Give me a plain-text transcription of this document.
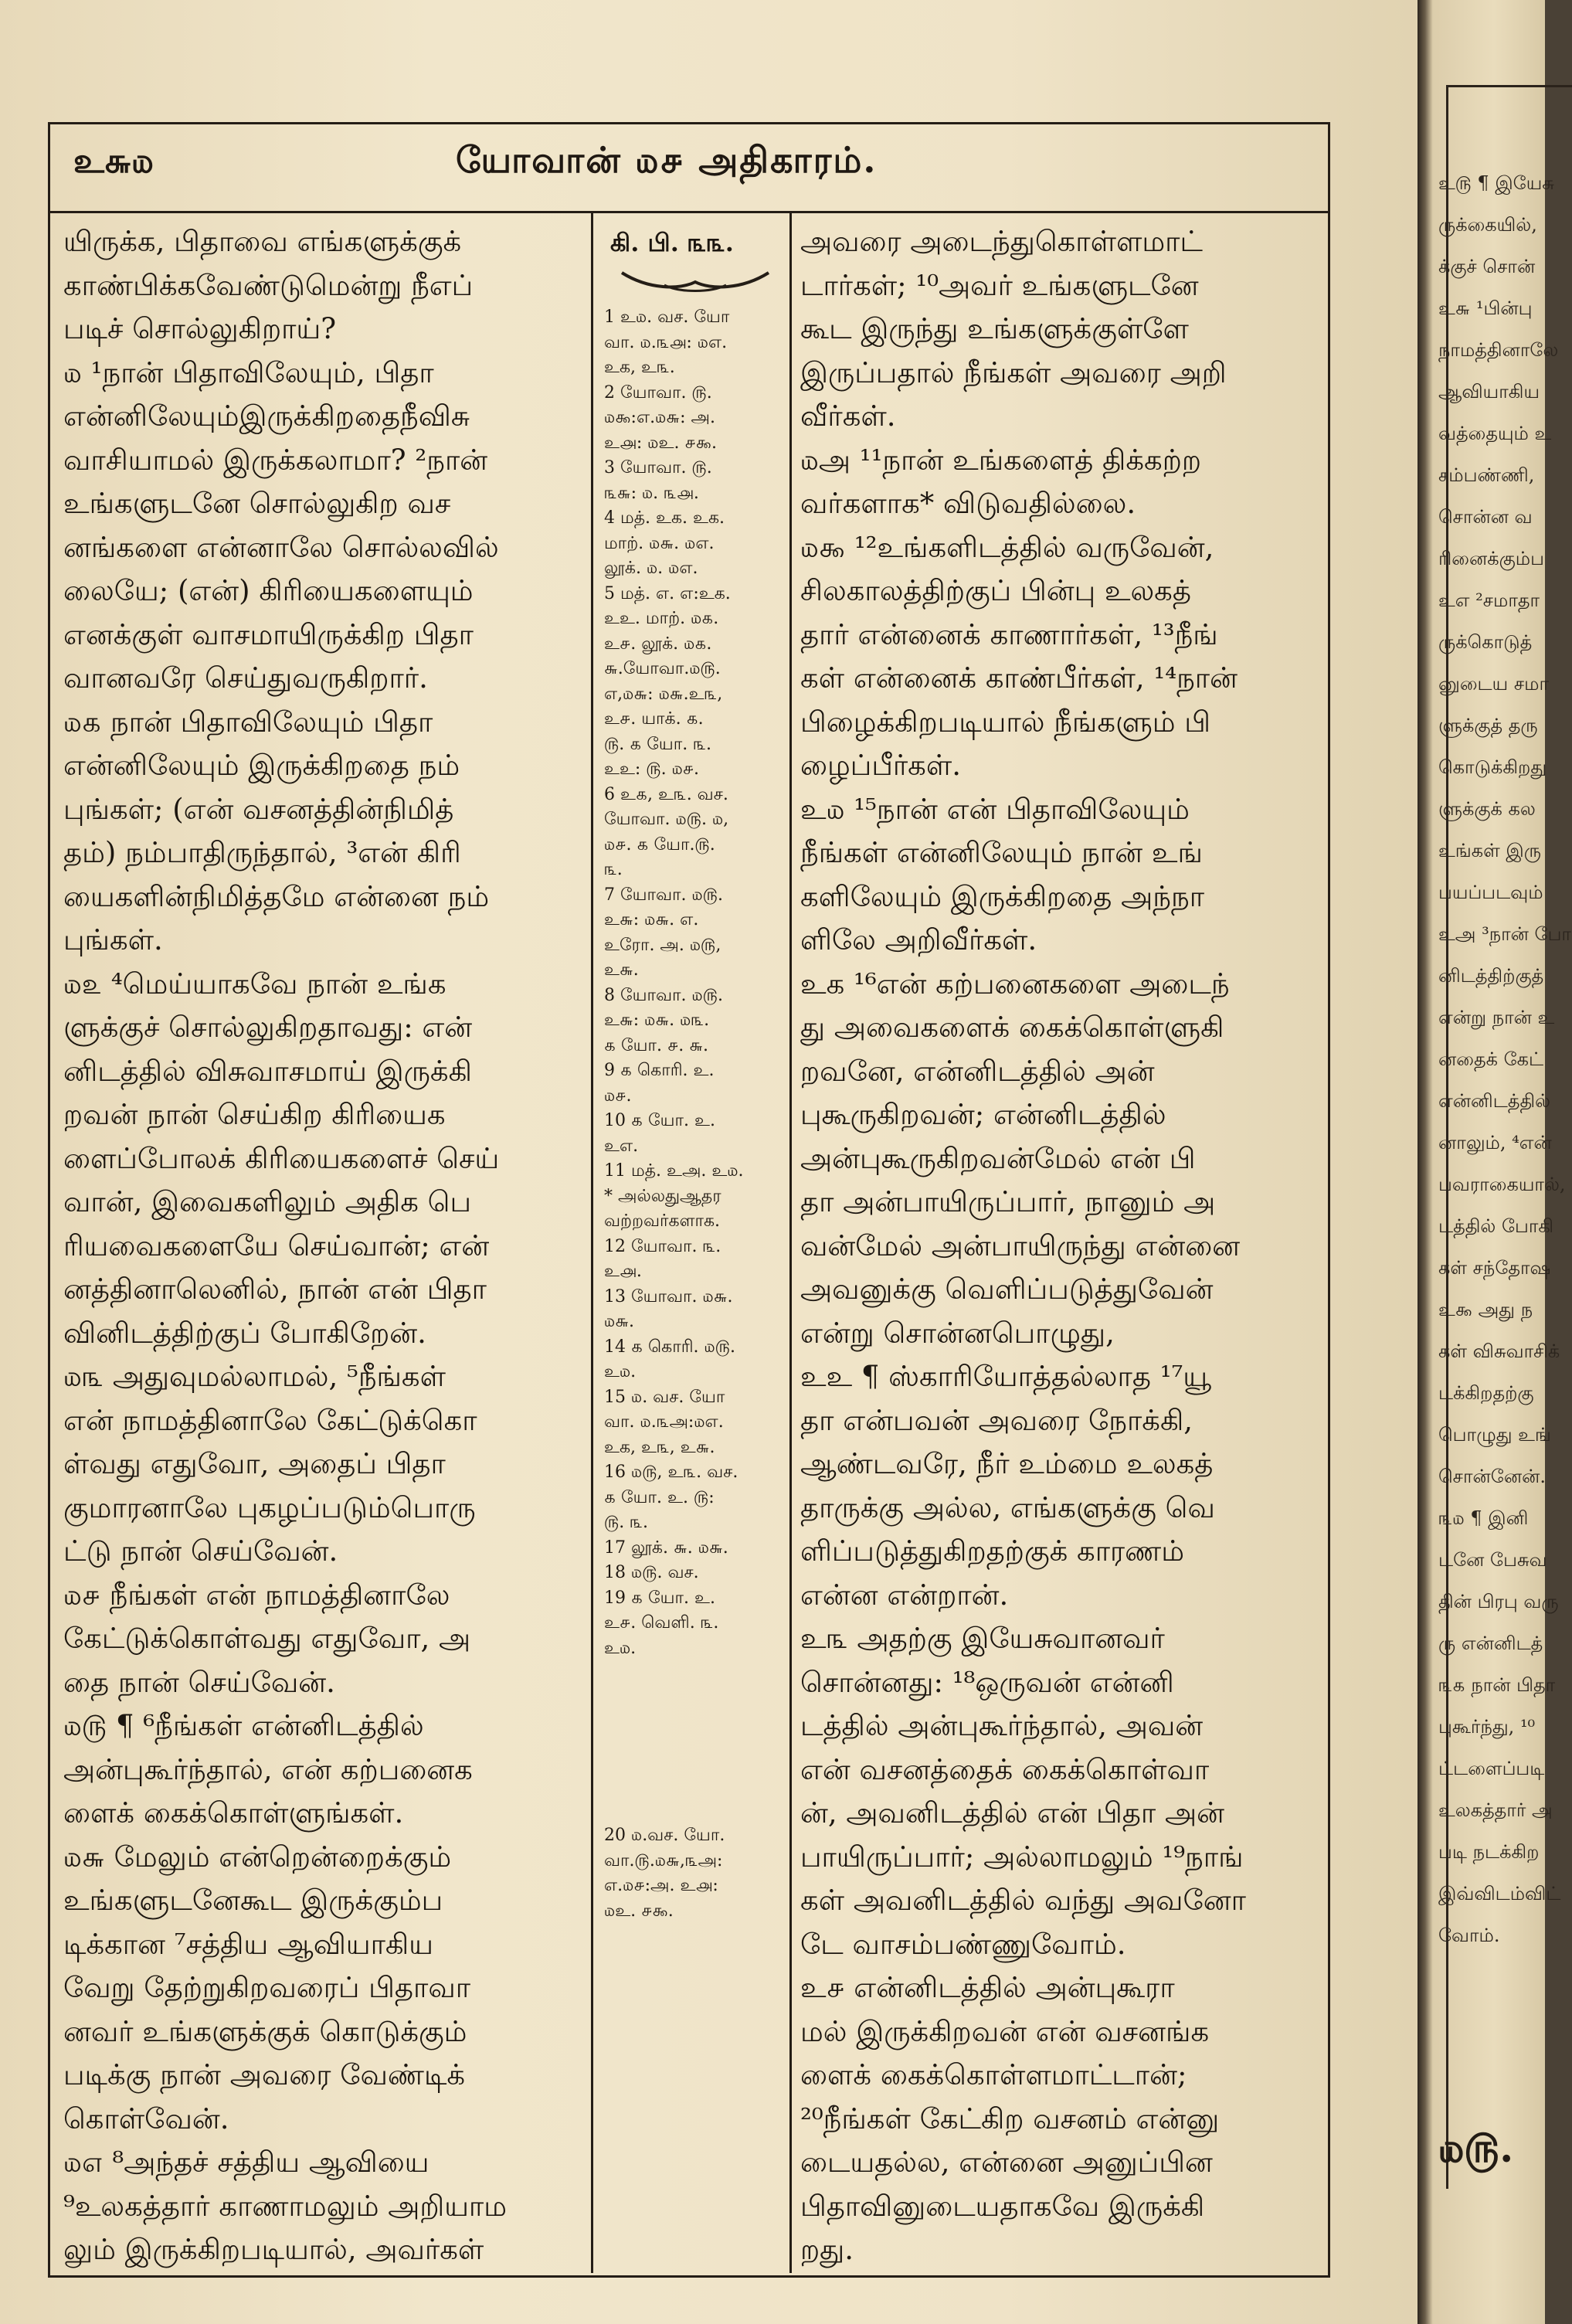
உ௫ ¶ இயேசு
ருக்கையில்,
க்குச் சொன்
உ௬ ¹பின்பு
நாமத்தினாலே
ஆவியாகிய
வத்தையும் உ
சம்பண்ணி,
சொன்ன வ
ரினைக்கும்ப
உஎ ²சமாதா
ருக்கொடுத்
னுடைய சமா
ளுக்குத் தரு
கொடுக்கிறது
ளுக்குக் கல
உங்கள் இரு
பயப்படவும்
உஅ ³நான் போ
னிடத்திற்குத்
என்று நான் உ
னதைக் கேட்
என்னிடத்தில்
னாலும், ⁴என்
பவராகையால்,
டத்தில் போகி
கள் சந்தோஷ
உ௯ அது ந
கள் விசுவாசிக்
டக்கிறதற்கு
பொழுது உங்
சொன்னேன்.
௩௰ ¶ இனி
டனே பேசுவ
தின் பிரபு வரு
ரு என்னிடத்
௩௧ நான் பிதா
புகூர்ந்து, ¹⁰
ட்டளைப்படி
உலகத்தார் அ
படி நடக்கிற
இவ்விடம்விட்
வோம்.
௰௫.
உ௬௰	யோவான் ௰௪ அதிகாரம்.

யிருக்க, பிதாவை எங்களுக்குக்

காண்பிக்கவேண்டுமென்று நீஎப்

படிச் சொல்லுகிறாய்?

௰ ¹நான் பிதாவிலேயும், பிதா

என்னிலேயும்இருக்கிறதைநீவிசு

வாசியாமல் இருக்கலாமா? ²நான்

உங்களுடனே சொல்லுகிற வச

னங்களை என்னாலே சொல்லவில்

லையே; (என்) கிரியைகளையும்

எனக்குள் வாசமாயிருக்கிற பிதா

வானவரே செய்துவருகிறார்.

௰௧ நான் பிதாவிலேயும் பிதா

என்னிலேயும் இருக்கிறதை நம்

புங்கள்; (என் வசனத்தின்நிமித்

தம்) நம்பாதிருந்தால், ³என் கிரி

யைகளின்நிமித்தமே என்னை நம்

புங்கள்.

௰௨ ⁴மெய்யாகவே நான் உங்க

ளுக்குச் சொல்லுகிறதாவது: என்

னிடத்தில் விசுவாசமாய் இருக்கி

றவன் நான் செய்கிற கிரியைக

ளைப்போலக் கிரியைகளைச் செய்

வான், இவைகளிலும் அதிக பெ

ரியவைகளையே செய்வான்; என்

னத்தினாலெனில், நான் என் பிதா

வினிடத்திற்குப் போகிறேன்.

௰௩ அதுவுமல்லாமல், ⁵நீங்கள்

என் நாமத்தினாலே கேட்டுக்கொ

ள்வது எதுவோ, அதைப் பிதா

குமாரனாலே புகழப்படும்பொரு

ட்டு நான் செய்வேன்.

௰௪ நீங்கள் என் நாமத்தினாலே

கேட்டுக்கொள்வது எதுவோ, அ

தை நான் செய்வேன்.

௰௫ ¶ ⁶நீங்கள் என்னிடத்தில்

அன்புகூர்ந்தால், என் கற்பனைக

ளைக் கைக்கொள்ளுங்கள்.

௰௬ மேலும் என்றென்றைக்கும்

உங்களுடனேகூட இருக்கும்ப

டிக்கான ⁷சத்திய ஆவியாகிய

வேறு தேற்றுகிறவரைப் பிதாவா

னவர் உங்களுக்குக் கொடுக்கும்

படிக்கு நான் அவரை வேண்டிக்

கொள்வேன்.

௰௭ ⁸அந்தச் சத்திய ஆவியை

⁹உலகத்தார் காணாமலும் அறியாம

லும் இருக்கிறபடியால், அவர்கள்

கி. பி. ௩௩.

1 உ௰. வச. யோ

வா. ௰.௩௮: ௰எ.

உக, உ௩.

2 யோவா. ௫.

௰௯:எ.௰௬: அ.

உ௮: ௰உ. ௪௯.

3 யோவா. ௫.

௩௬: ௰. ௩௮.

4 மத். உக. உக.

மாற். ௰௬. ௰எ.

லூக். ௰. ௰எ.

5 மத். எ. எ:உக.

உஉ. மாற். ௰௧.

உ௪. லூக். ௰௧.

௬.யோவா.௰௫.

எ,௰௬: ௰௬.உ௩,

உ௪. யாக். ௧.

௫. ௧ யோ. ௩.

உஉ: ௫. ௰௪.

6 உ௧, உ௩. வச.

யோவா. ௰௫. ௰,

௰௪. ௧ யோ.௫.

௩.

7 யோவா. ௰௫.

உ௬: ௰௬. எ.

உரோ. அ. ௰௫,

உ௬.

8 யோவா. ௰௫.

உ௬: ௰௬. ௰௩.

௧ யோ. ௪. ௬.

9 ௧ கொரி. உ.

௰௪.

10 ௧ யோ. உ.

உஎ.

11 மத். உஅ. உ௰.

* அல்லதுஆதர

வற்றவர்களாக.

12 யோவா. ௩.

உ௮.

13 யோவா. ௰௬.

௰௬.

14 ௧ கொரி. ௰௫.

உ௰.

15 ௰. வச. யோ

வா. ௰.௩அ:௰எ.

உக, உ௩, உ௬.

16 ௰௫, உ௩. வச.

௧ யோ. உ. ௫:

௫. ௩.

17 லூக். ௬. ௰௬.

18 ௰௫. வச.

19 ௧ யோ. உ.

உ௪. வெளி. ௩.

உ௰.

20 ௰.வச. யோ.

வா.௫.௰௬,௩அ:

எ.௰௪:அ. உ௮:

௰உ. ௪௯.

அவரை அடைந்துகொள்ளமாட்

டார்கள்; ¹⁰அவர் உங்களுடனே

கூட இருந்து உங்களுக்குள்ளே

இருப்பதால் நீங்கள் அவரை அறி

வீர்கள்.

௰அ ¹¹நான் உங்களைத் திக்கற்ற

வர்களாக* விடுவதில்லை.

௰௯ ¹²உங்களிடத்தில் வருவேன்,

சிலகாலத்திற்குப் பின்பு உலகத்

தார் என்னைக் காணார்கள், ¹³நீங்

கள் என்னைக் காண்பீர்கள், ¹⁴நான்

பிழைக்கிறபடியால் நீங்களும் பி

ழைப்பீர்கள்.

உ௰ ¹⁵நான் என் பிதாவிலேயும்

நீங்கள் என்னிலேயும் நான் உங்

களிலேயும் இருக்கிறதை அந்நா

ளிலே அறிவீர்கள்.

உக ¹⁶என் கற்பனைகளை அடைந்

து அவைகளைக் கைக்கொள்ளுகி

றவனே, என்னிடத்தில் அன்

புகூருகிறவன்; என்னிடத்தில்

அன்புகூருகிறவன்மேல் என் பி

தா அன்பாயிருப்பார், நானும் அ

வன்மேல் அன்பாயிருந்து என்னை

அவனுக்கு வெளிப்படுத்துவேன்

என்று சொன்னபொழுது,

உஉ ¶ ஸ்காரியோத்தல்லாத ¹⁷யூ

தா என்பவன் அவரை நோக்கி,

ஆண்டவரே, நீர் உம்மை உலகத்

தாருக்கு அல்ல, எங்களுக்கு வெ

ளிப்படுத்துகிறதற்குக் காரணம்

என்ன என்றான்.

உ௩ அதற்கு இயேசுவானவர்

சொன்னது: ¹⁸ஒருவன் என்னி

டத்தில் அன்புகூர்ந்தால், அவன்

என் வசனத்தைக் கைக்கொள்வா

ன், அவனிடத்தில் என் பிதா அன்

பாயிருப்பார்; அல்லாமலும் ¹⁹நாங்

கள் அவனிடத்தில் வந்து அவனோ

டே வாசம்பண்ணுவோம்.

உ௪ என்னிடத்தில் அன்புகூரா

மல் இருக்கிறவன் என் வசனங்க

ளைக் கைக்கொள்ளமாட்டான்;

²⁰நீங்கள் கேட்கிற வசனம் என்னு

டையதல்ல, என்னை அனுப்பின

பிதாவினுடையதாகவே இருக்கி

றது.
